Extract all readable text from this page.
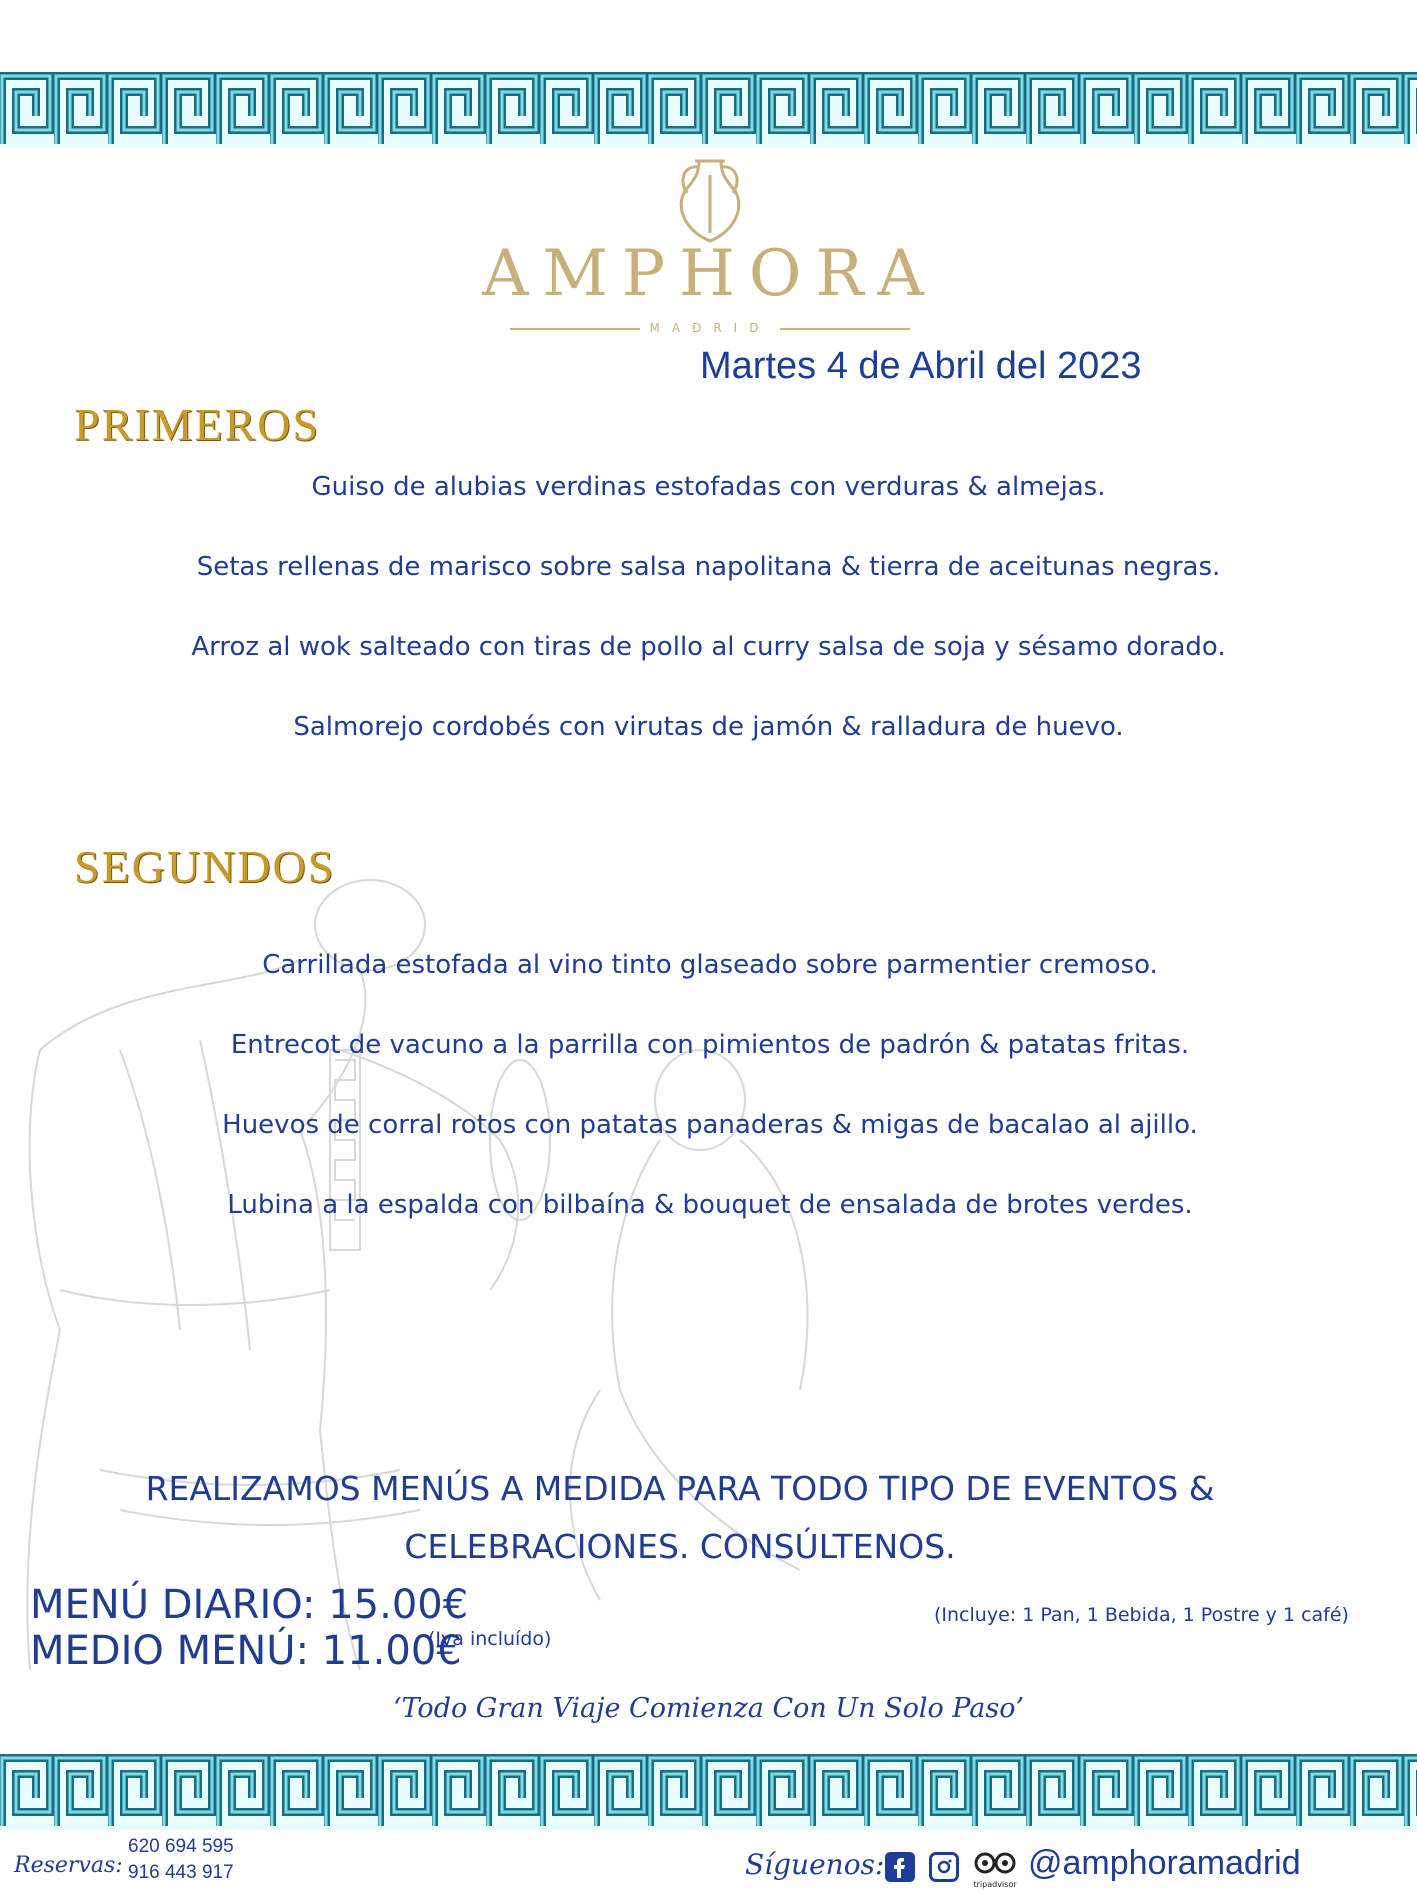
AMPHORA
MADRID
Martes 4 de Abril del 2023
PRIMEROS
Guiso de alubias verdinas estofadas con verduras & almejas.
Setas rellenas de marisco sobre salsa napolitana & tierra de aceitunas negras.
Arroz al wok salteado con tiras de pollo al curry salsa de soja y sésamo dorado.
Salmorejo cordobés con virutas de jamón & ralladura de huevo.
SEGUNDOS
Carrillada estofada al vino tinto glaseado sobre parmentier cremoso.
Entrecot de vacuno a la parrilla con pimientos de padrón & patatas fritas.
Huevos de corral rotos con patatas panaderas & migas de bacalao al ajillo.
Lubina a la espalda con bilbaína & bouquet de ensalada de brotes verdes.
REALIZAMOS MENÚS A MEDIDA PARA TODO TIPO DE EVENTOS &
CELEBRACIONES. CONSÚLTENOS.
MENÚ DIARIO: 15.00€
MEDIO MENÚ: 11.00€
(Iva incluído)
(Incluye: 1 Pan, 1 Bebida, 1 Postre y 1 café)
‘Todo Gran Viaje Comienza Con Un Solo Paso’
Reservas:
620 694 595
916 443 917	Síguenos:
tripadvisor
@amphoramadrid
